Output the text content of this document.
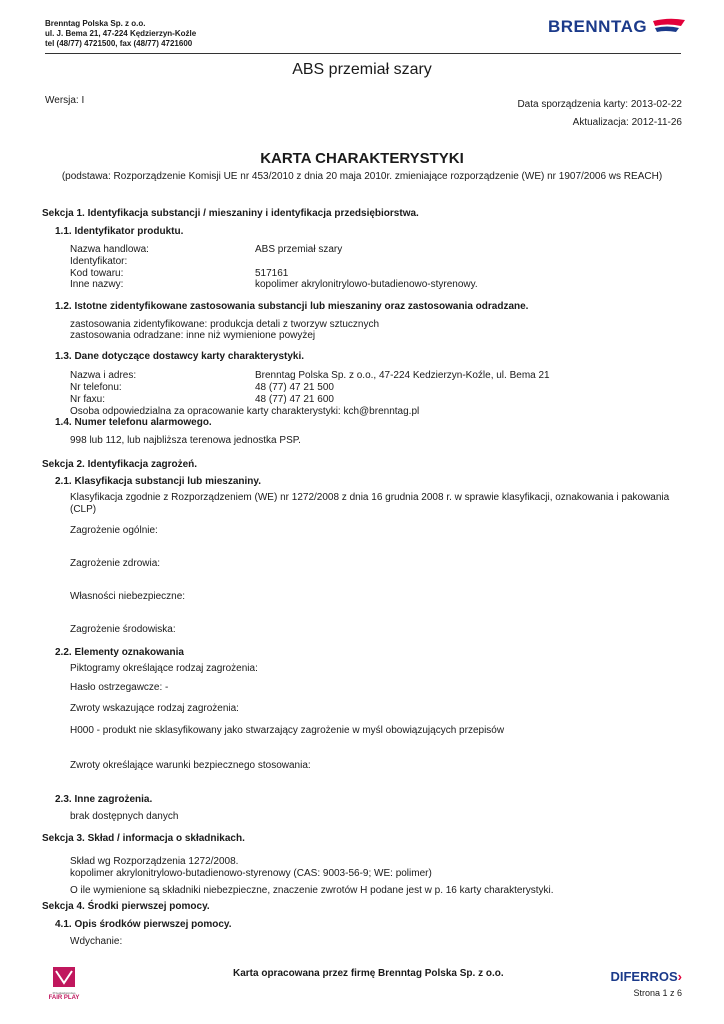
Brenntag Polska Sp. z o.o.
ul. J. Bema 21, 47-224 Kędzierzyn-Koźle
tel (48/77) 4721500, fax (48/77) 4721600
BRENNTAG
ABS przemiał szary
Wersja: I	Data sporządzenia karty: 2013-02-22
Aktualizacja: 2012-11-26
KARTA CHARAKTERYSTYKI
(podstawa: Rozporządzenie Komisji UE nr 453/2010 z dnia 20 maja 2010r. zmieniające rozporządzenie (WE) nr 1907/2006 ws REACH)
Sekcja 1. Identyfikacja substancji / mieszaniny i identyfikacja przedsiębiorstwa.
1.1. Identyfikator produktu.
Nazwa handlowa:	ABS przemiał szary
Identyfikator:
Kod towaru:	517161
Inne nazwy:	kopolimer akrylonitrylowo-butadienowo-styrenowy.
1.2. Istotne zidentyfikowane zastosowania substancji lub mieszaniny oraz zastosowania odradzane.
zastosowania zidentyfikowane: produkcja detali z tworzyw sztucznych
zastosowania odradzane: inne niż wymienione powyżej
1.3. Dane dotyczące dostawcy karty charakterystyki.
Nazwa i adres:	Brenntag Polska Sp. z o.o., 47-224 Kedzierzyn-Koźle, ul. Bema 21
Nr telefonu:	48 (77) 47 21 500
Nr faxu:	48 (77) 47 21 600
Osoba odpowiedzialna za opracowanie karty charakterystyki: kch@brenntag.pl
1.4. Numer telefonu alarmowego.
998 lub 112, lub najbliższa terenowa jednostka PSP.
Sekcja 2. Identyfikacja zagrożeń.
2.1. Klasyfikacja substancji lub mieszaniny.
Klasyfikacja zgodnie z Rozporządzeniem (WE) nr 1272/2008 z dnia 16 grudnia 2008 r. w sprawie klasyfikacji, oznakowania i pakowania
(CLP)
Zagrożenie ogólnie:
Zagrożenie zdrowia:
Własności niebezpieczne:
Zagrożenie środowiska:
2.2. Elementy oznakowania
Piktogramy określające rodzaj zagrożenia:
Hasło ostrzegawcze: -
Zwroty wskazujące rodzaj zagrożenia:
H000 - produkt nie sklasyfikowany jako stwarzający zagrożenie w myśl obowiązujących przepisów
Zwroty określające warunki bezpiecznego stosowania:
2.3. Inne zagrożenia.
brak dostępnych danych
Sekcja 3. Skład / informacja o składnikach.
Skład wg Rozporządzenia 1272/2008.
kopolimer akrylonitrylowo-butadienowo-styrenowy (CAS: 9003-56-9; WE: polimer)
O ile wymienione są składniki niebezpieczne, znaczenie zwrotów H podane jest w p. 16 karty charakterystyki.
Sekcja 4. Środki pierwszej pomocy.
4.1. Opis środków pierwszej pomocy.
Wdychanie:
Przedsiębiorstwo
FAIR PLAY
Karta opracowana przez firmę Brenntag Polska Sp. z o.o.	DIFERROS›
Strona 1 z 6
